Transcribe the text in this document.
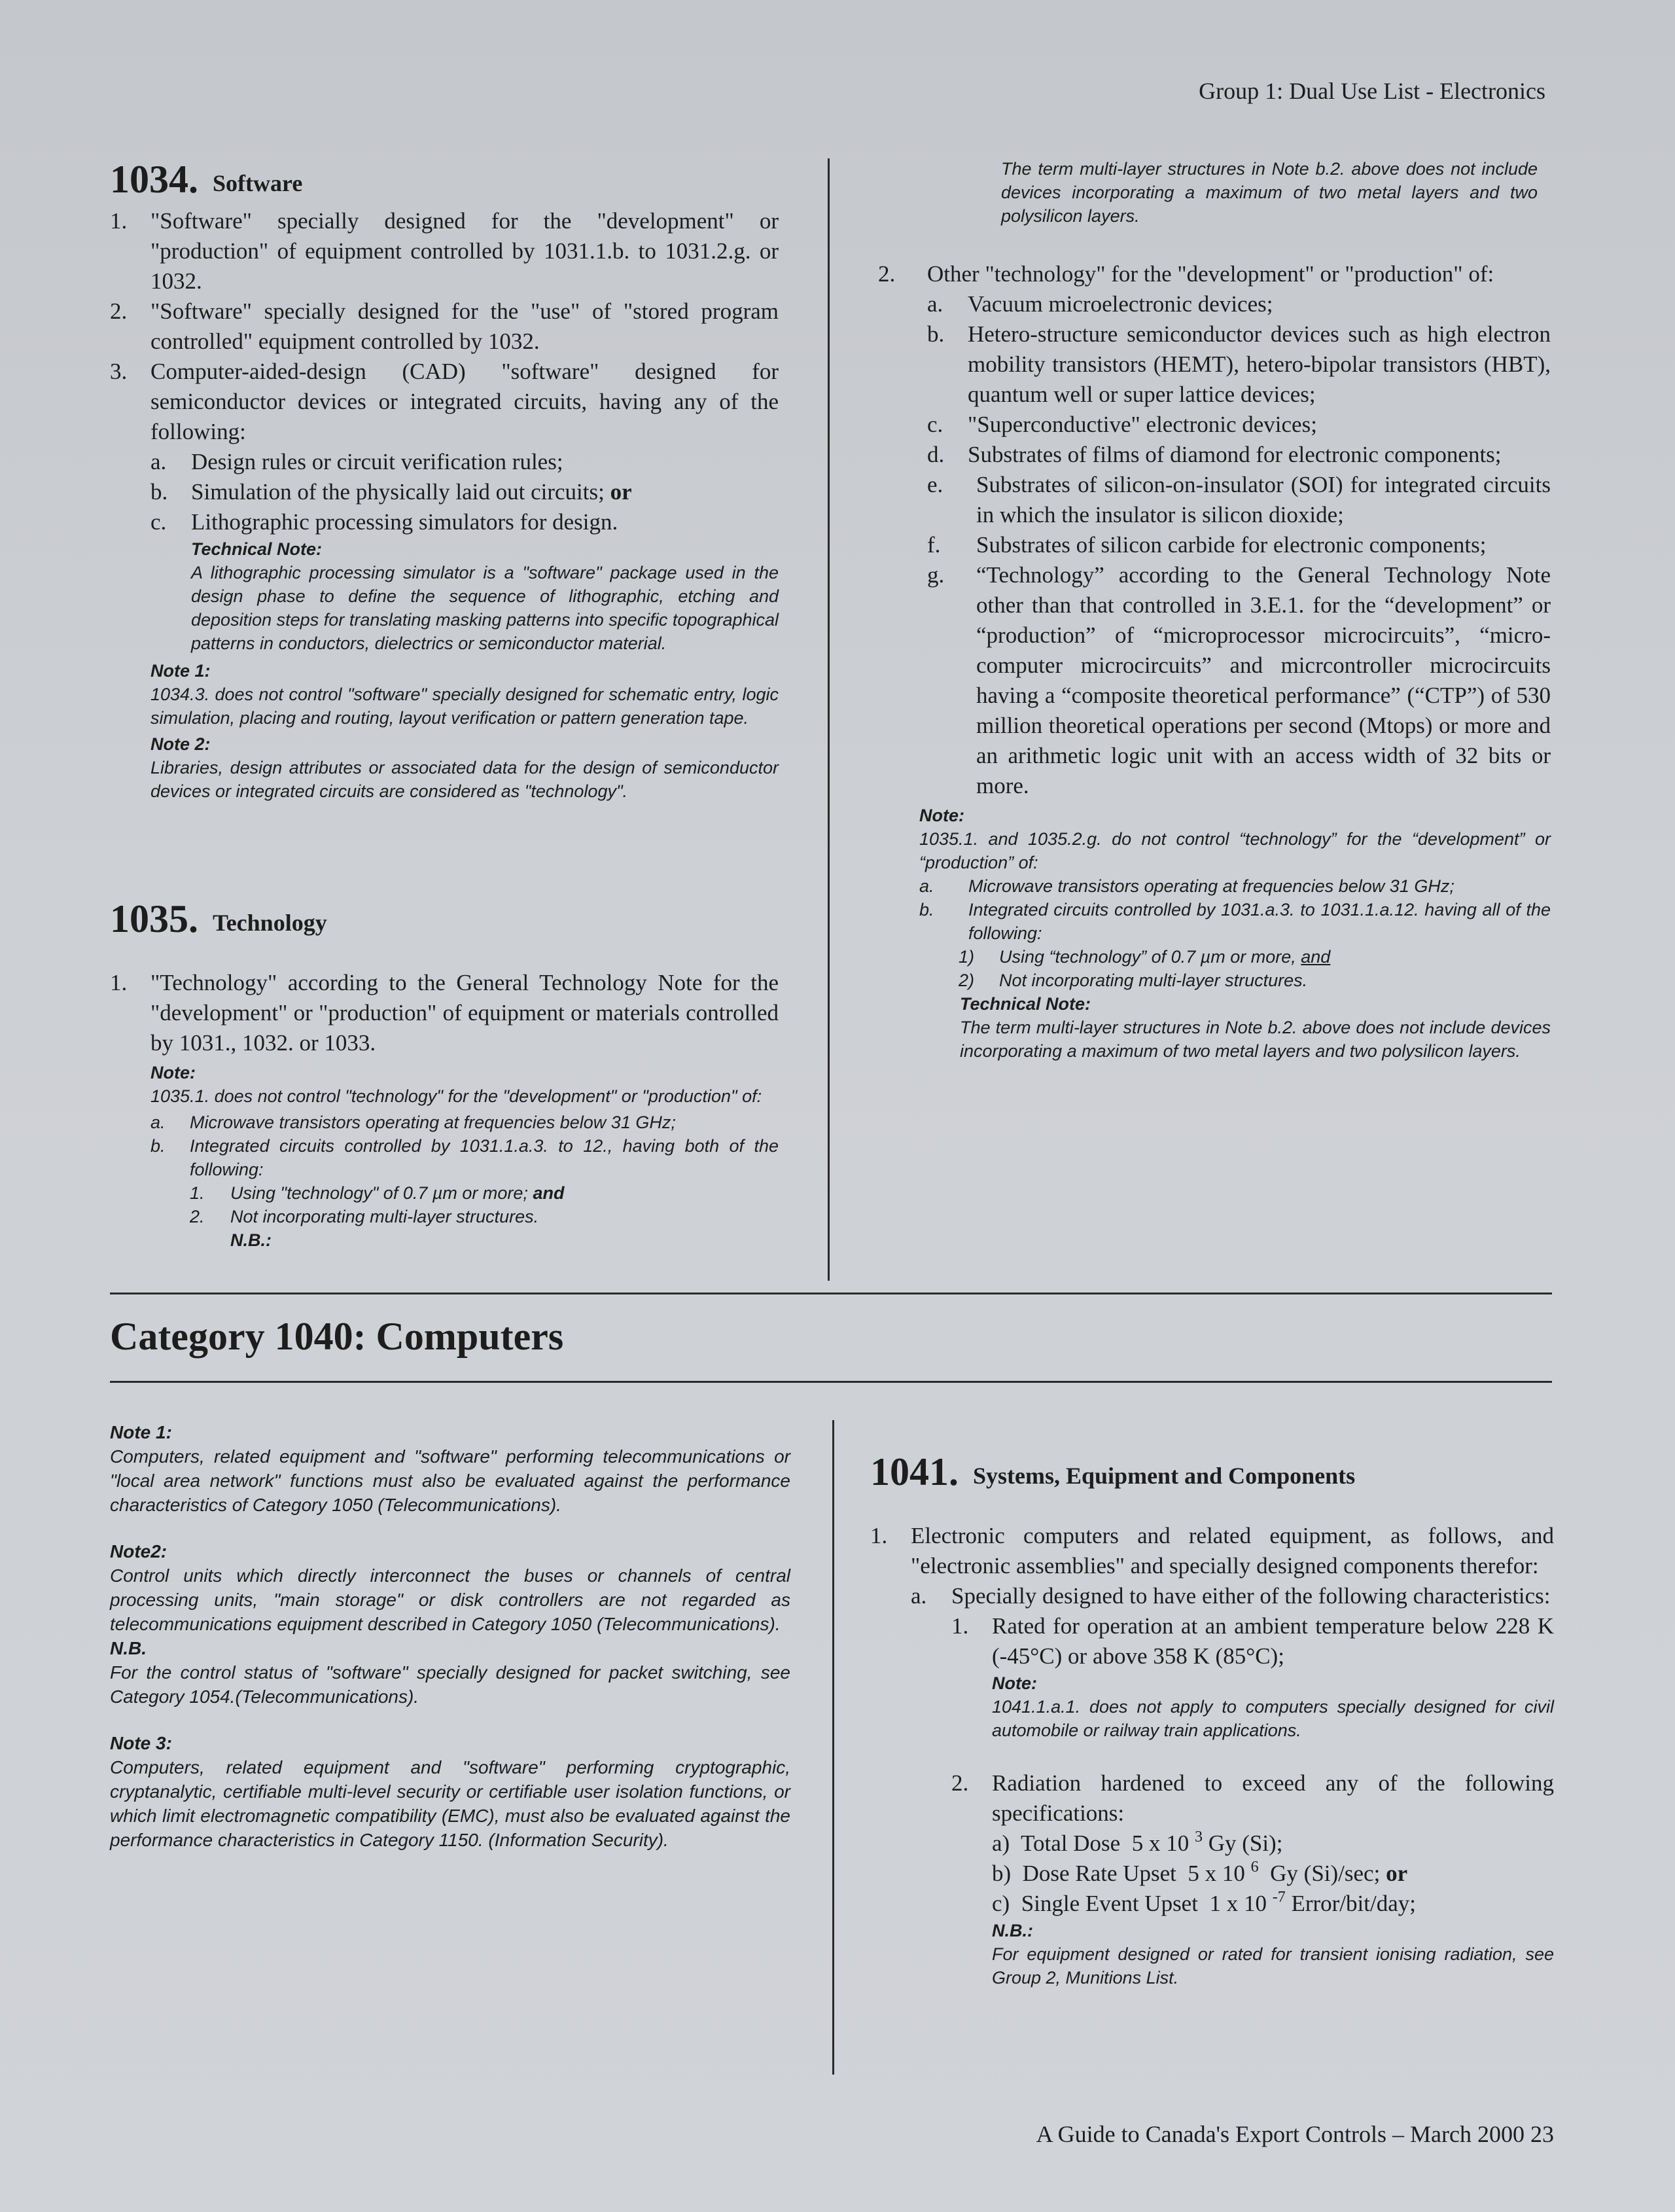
Group 1: Dual Use List - Electronics
1034. Software
1.	"Software" specially designed for the "development" or "production" of equipment controlled by 1031.1.b. to 1031.2.g. or 1032.
2.	"Software" specially designed for the "use" of "stored program controlled" equipment controlled by 1032.
3.	Computer-aided-design (CAD) "software" designed for semiconductor devices or integrated circuits, having any of the following:
a.	Design rules or circuit verification rules;
b.	Simulation of the physically laid out circuits; or
c.	Lithographic processing simulators for design.
Technical Note:
A lithographic processing simulator is a "software" package used in the design phase to define the sequence of lithographic, etching and deposition steps for translating masking patterns into specific topographical patterns in conductors, dielectrics or semiconductor material.
Note 1:
1034.3. does not control "software" specially designed for schematic entry, logic simulation, placing and routing, layout verification or pattern generation tape.
Note 2:
Libraries, design attributes or associated data for the design of semiconductor devices or integrated circuits are considered as "technology".
1035. Technology
1.	"Technology" according to the General Technology Note for the "development" or "production" of equipment or materials controlled by 1031., 1032. or 1033.
Note:
1035.1. does not control "technology" for the "development" or "production" of:
a.	Microwave transistors operating at frequencies below 31 GHz;
b.	Integrated circuits controlled by 1031.1.a.3. to 12., having both of the following:
1.	Using "technology" of 0.7 µm or more; and
2.	Not incorporating multi-layer structures.
N.B.:
The term multi-layer structures in Note b.2. above does not include devices incorporating a maximum of two metal layers and two polysilicon layers.
2.	Other "technology" for the "development" or "production" of:
a.	Vacuum microelectronic devices;
b.	Hetero-structure semiconductor devices such as high electron mobility transistors (HEMT), hetero-bipolar transistors (HBT), quantum well or super lattice devices;
c.	"Superconductive" electronic devices;
d.	Substrates of films of diamond for electronic components;
e.	Substrates of silicon-on-insulator (SOI) for integrated circuits in which the insulator is silicon dioxide;
f.	Substrates of silicon carbide for electronic components;
g.	“Technology” according to the General Technology Note other than that controlled in 3.E.1. for the “development” or “production” of “microprocessor microcircuits”, “micro-computer microcircuits” and micrcontroller microcircuits having a “composite theoretical performance” (“CTP”) of 530 million theoretical operations per second (Mtops) or more and an arithmetic logic unit with an access width of 32 bits or more.
Note:
1035.1. and 1035.2.g. do not control “technology” for the “development” or “production” of:
a.	Microwave transistors operating at frequencies below 31 GHz;
b.	Integrated circuits controlled by 1031.a.3. to 1031.1.a.12. having all of the following:
1)	Using “technology” of 0.7 µm or more, and
2)	Not incorporating multi-layer structures.
Technical Note:
The term multi-layer structures in Note b.2. above does not include devices incorporating a maximum of two metal layers and two polysilicon layers.
Category 1040: Computers
Note 1:
Computers, related equipment and "software" performing telecommunications or "local area network" functions must also be evaluated against the performance characteristics of Category 1050 (Telecommunications).
Note2:
Control units which directly interconnect the buses or channels of central processing units, "main storage" or disk controllers are not regarded as telecommunications equipment described in Category 1050 (Telecommunications).
N.B.
For the control status of "software" specially designed for packet switching, see Category 1054.(Telecommunications).
Note 3:
Computers, related equipment and "software" performing cryptographic, cryptanalytic, certifiable multi-level security or certifiable user isolation functions, or which limit electromagnetic compatibility (EMC), must also be evaluated against the performance characteristics in Category 1150. (Information Security).
1041. Systems, Equipment and Components
1.	Electronic computers and related equipment, as follows, and "electronic assemblies" and specially designed components therefor:
a.	Specially designed to have either of the following characteristics:
1.	Rated for operation at an ambient temperature below 228 K (-45°C) or above 358 K (85°C);
Note:
1041.1.a.1. does not apply to computers specially designed for civil automobile or railway train applications.
2.	Radiation hardened to exceed any of the following specifications:
a) Total Dose 5 x 10 $^3$ Gy (Si);
b) Dose Rate Upset 5 x 10 $^6$ Gy (Si)/sec; or
c) Single Event Upset 1 x 10 $^{-7}$ Error/bit/day;
N.B.:
For equipment designed or rated for transient ionising radiation, see Group 2, Munitions List.
A Guide to Canada's Export Controls – March 2000 23
